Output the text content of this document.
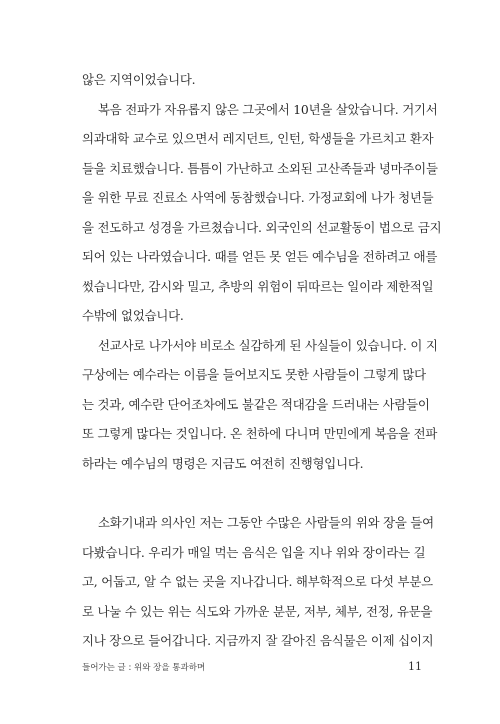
않은 지역이었습니다.
복음 전파가 자유롭지 않은 그곳에서 10년을 살았습니다. 거기서
의과대학 교수로 있으면서 레지던트, 인턴, 학생들을 가르치고 환자
들을 치료했습니다. 틈틈이 가난하고 소외된 고산족들과 녕마주이들
을 위한 무료 진료소 사역에 동참했습니다. 가정교회에 나가 청년들
을 전도하고 성경을 가르쳤습니다. 외국인의 선교활동이 법으로 금지
되어 있는 나라였습니다. 때를 얻든 못 얻든 예수님을 전하려고 애를
썼습니다만, 감시와 밀고, 추방의 위험이 뒤따르는 일이라 제한적일
수밖에 없었습니다.
선교사로 나가서야 비로소 실감하게 된 사실들이 있습니다. 이 지
구상에는 예수라는 이름을 들어보지도 못한 사람들이 그렇게 많다
는 것과, 예수란 단어조차에도 불같은 적대감을 드러내는 사람들이
또 그렇게 많다는 것입니다. 온 천하에 다니며 만민에게 복음을 전파
하라는 예수님의 명령은 지금도 여전히 진행형입니다.
소화기내과 의사인 저는 그동안 수많은 사람들의 위와 장을 들여
다봤습니다. 우리가 매일 먹는 음식은 입을 지나 위와 장이라는 길
고, 어둡고, 알 수 없는 곳을 지나갑니다. 해부학적으로 다섯 부분으
로 나눌 수 있는 위는 식도와 가까운 분문, 저부, 체부, 전정, 유문을
지나 장으로 들어갑니다. 지금까지 잘 갈아진 음식물은 이제 십이지
들어가는 글 : 위와 장을 통과하며	11
